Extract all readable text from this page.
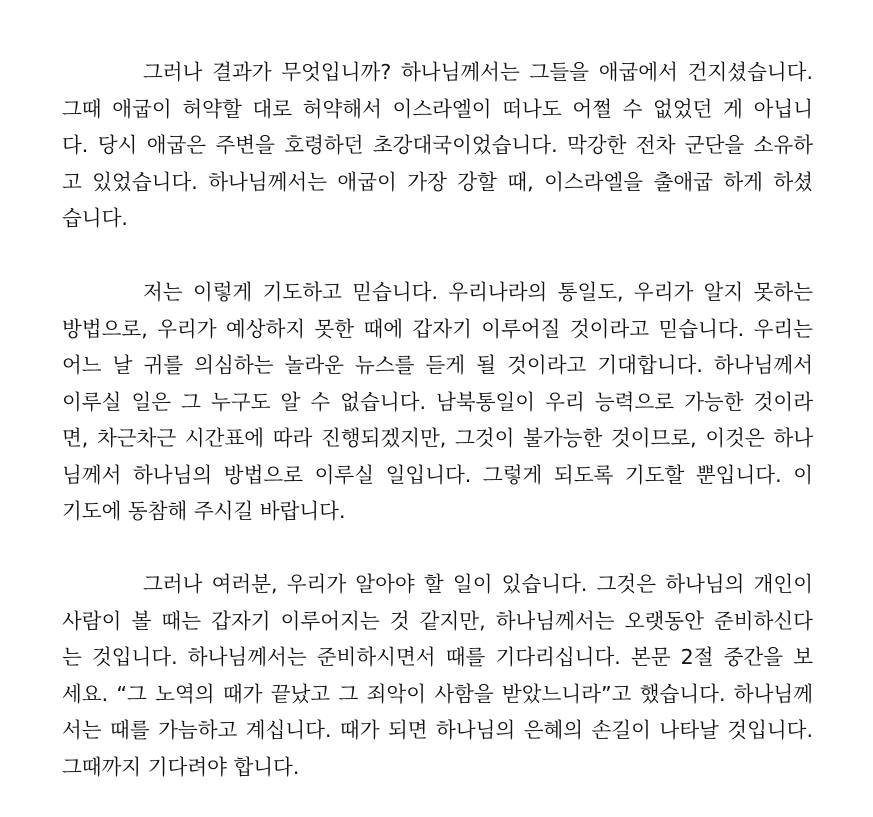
그러나 결과가 무엇입니까? 하나님께서는 그들을 애굽에서 건지셨습니다.
그때 애굽이 허약할 대로 허약해서 이스라엘이 떠나도 어쩔 수 없었던 게 아닙니
다. 당시 애굽은 주변을 호령하던 초강대국이었습니다. 막강한 전차 군단을 소유하
고 있었습니다. 하나님께서는 애굽이 가장 강할 때, 이스라엘을 출애굽 하게 하셨
습니다.
저는 이렇게 기도하고 믿습니다. 우리나라의 통일도, 우리가 알지 못하는
방법으로, 우리가 예상하지 못한 때에 갑자기 이루어질 것이라고 믿습니다. 우리는
어느 날 귀를 의심하는 놀라운 뉴스를 듣게 될 것이라고 기대합니다. 하나님께서
이루실 일은 그 누구도 알 수 없습니다. 남북통일이 우리 능력으로 가능한 것이라
면, 차근차근 시간표에 따라 진행되겠지만, 그것이 불가능한 것이므로, 이것은 하나
님께서 하나님의 방법으로 이루실 일입니다. 그렇게 되도록 기도할 뿐입니다. 이
기도에 동참해 주시길 바랍니다.
그러나 여러분, 우리가 알아야 할 일이 있습니다. 그것은 하나님의 개인이
사람이 볼 때는 갑자기 이루어지는 것 같지만, 하나님께서는 오랫동안 준비하신다
는 것입니다. 하나님께서는 준비하시면서 때를 기다리십니다. 본문 2절 중간을 보
세요. “그 노역의 때가 끝났고 그 죄악이 사함을 받았느니라”고 했습니다. 하나님께
서는 때를 가늠하고 계십니다. 때가 되면 하나님의 은혜의 손길이 나타날 것입니다.
그때까지 기다려야 합니다.
